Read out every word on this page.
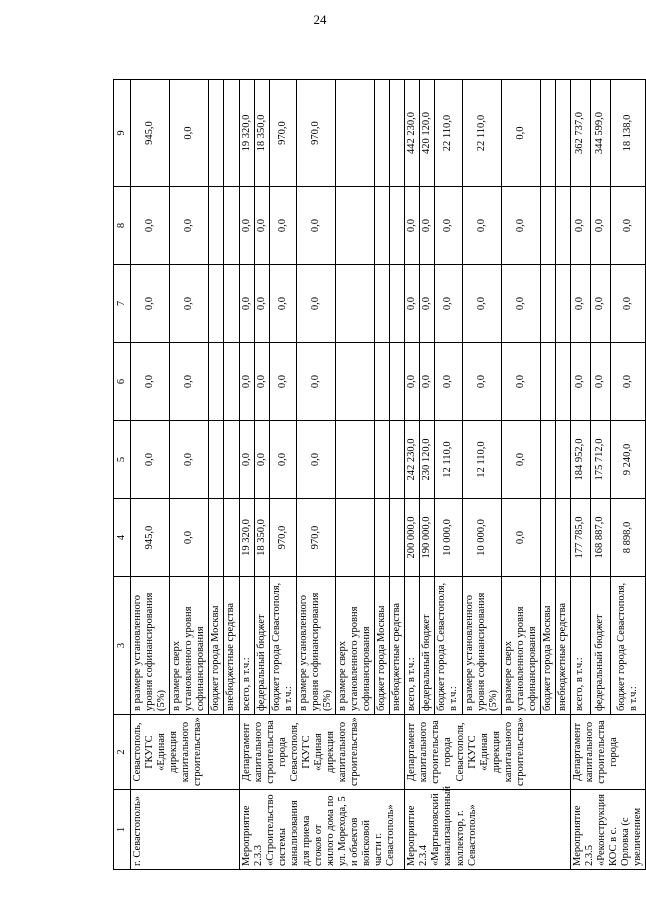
24
1	2	3	4	5	6	7	8	9
г. Севастополь»	Севастополь, ГКУГС «Единая дирекция капитального строительства»	в размере установленного уровня софинансирования (5%)	945,0	0,0	0,0	0,0	0,0	945,0
		в размере сверх установленного уровня софинансирования	0,0	0,0	0,0	0,0	0,0	0,0
		бюджет города Москвы						
		внебюджетные средства						
Мероприятие 2.3.3 «Строительство системы канализования для приема стоков от жилого дома по ул. Морехода, 5 и объектов войсковой части г. Севастополь»	Департамент капитального строительства города Севастополя, ГКУГС «Единая дирекция капитального строительства»	всего, в т.ч.:	19 320,0	0,0	0,0	0,0	0,0	19 320,0
		федеральный бюджет	18 350,0	0,0	0,0	0,0	0,0	18 350,0
		бюджет города Севастополя, в т.ч.:	970,0	0,0	0,0	0,0	0,0	970,0
		в размере установленного уровня софинансирования (5%)	970,0	0,0	0,0	0,0	0,0	970,0
		в размере сверх установленного уровня софинансирования						
		бюджет города Москвы						
		внебюджетные средства						
Мероприятие 2.3.4 «Мартыновский канализационный коллектор, г. Севастополь»	Департамент капитального строительства города Севастополя, ГКУГС «Единая дирекция капитального строительства»	всего, в т.ч.:	200 000,0	242 230,0	0,0	0,0	0,0	442 230,0
		федеральный бюджет	190 000,0	230 120,0	0,0	0,0	0,0	420 120,0
		бюджет города Севастополя, в т.ч.:	10 000,0	12 110,0	0,0	0,0	0,0	22 110,0
		в размере установленного уровня софинансирования (5%)	10 000,0	12 110,0	0,0	0,0	0,0	22 110,0
		в размере сверх установленного уровня софинансирования	0,0	0,0	0,0	0,0	0,0	0,0
		бюджет города Москвы						
		внебюджетные средства						
Мероприятие 2.3.5 «Реконструкция КОС в с. Орловка (с увеличением	Департамент капитального строительства города	всего, в т.ч.:	177 785,0	184 952,0	0,0	0,0	0,0	362 737,0
		федеральный бюджет	168 887,0	175 712,0	0,0	0,0	0,0	344 599,0
		бюджет города Севастополя, в т.ч.:	8 898,0	9 240,0	0,0	0,0	0,0	18 138,0
